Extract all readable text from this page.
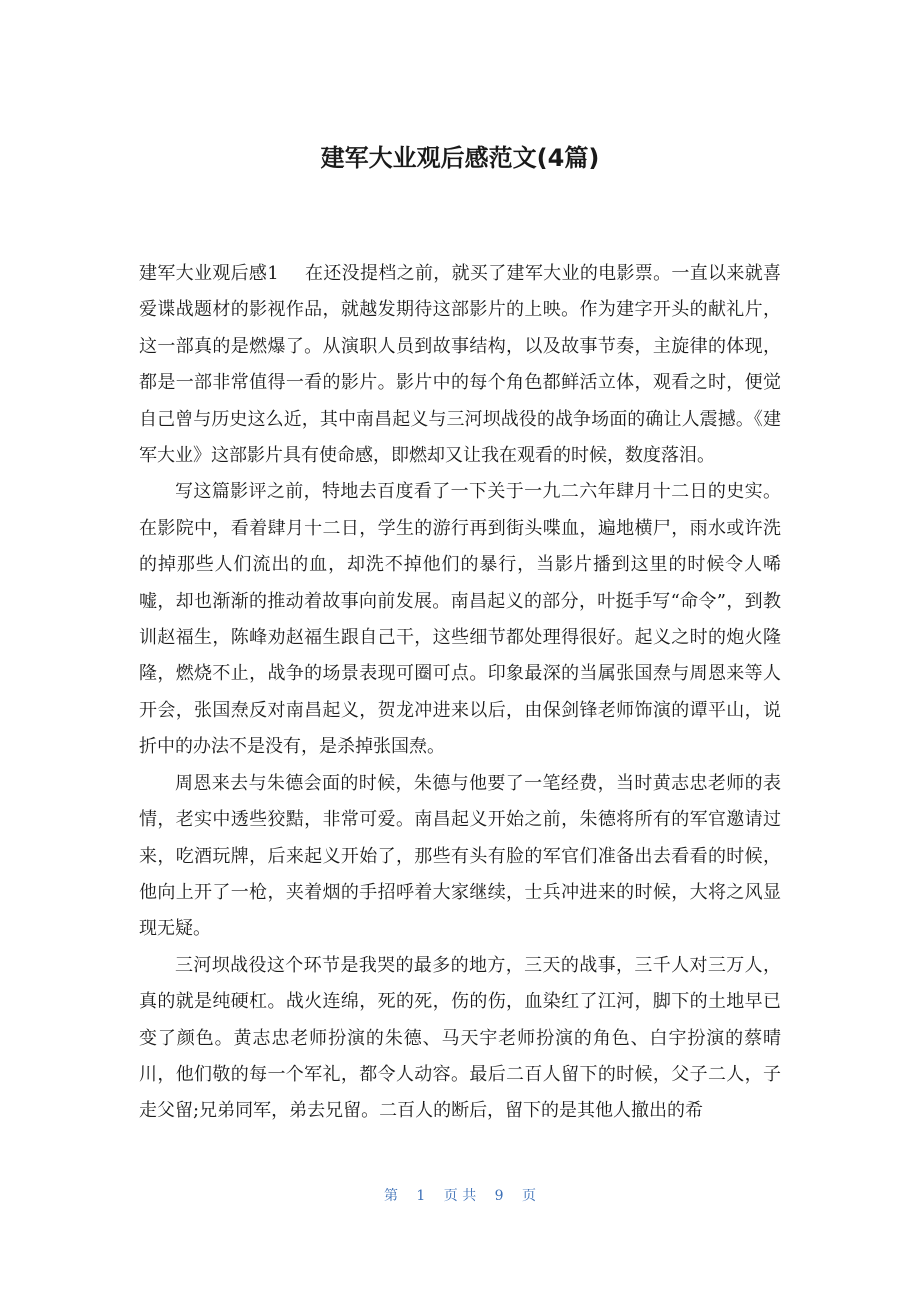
建军大业观后感范文(4篇)

建军大业观后感1 在还没提档之前，就买了建军大业的电影票。一直以来就喜爱谍战题材的影视作品，就越发期待这部影片的上映。作为建字开头的献礼片，这一部真的是燃爆了。从演职人员到故事结构，以及故事节奏，主旋律的体现，都是一部非常值得一看的影片。影片中的每个角色都鲜活立体，观看之时，便觉自己曾与历史这么近，其中南昌起义与三河坝战役的战争场面的确让人震撼。《建军大业》这部影片具有使命感，即燃却又让我在观看的时候，数度落泪。

写这篇影评之前，特地去百度看了一下关于一九二六年肆月十二日的史实。在影院中，看着肆月十二日，学生的游行再到街头喋血，遍地横尸，雨水或许洗的掉那些人们流出的血，却洗不掉他们的暴行，当影片播到这里的时候令人唏嘘，却也渐渐的推动着故事向前发展。南昌起义的部分，叶挺手写“命令”，到教训赵福生，陈峰劝赵福生跟自己干，这些细节都处理得很好。起义之时的炮火隆隆，燃烧不止，战争的场景表现可圈可点。印象最深的当属张国焘与周恩来等人开会，张国焘反对南昌起义，贺龙冲进来以后，由保剑锋老师饰演的谭平山，说折中的办法不是没有，是杀掉张国焘。

周恩来去与朱德会面的时候，朱德与他要了一笔经费，当时黄志忠老师的表情，老实中透些狡黠，非常可爱。南昌起义开始之前，朱德将所有的军官邀请过来，吃酒玩牌，后来起义开始了，那些有头有脸的军官们准备出去看看的时候，他向上开了一枪，夹着烟的手招呼着大家继续，士兵冲进来的时候，大将之风显现无疑。

三河坝战役这个环节是我哭的最多的地方，三天的战事，三千人对三万人，真的就是纯硬杠。战火连绵，死的死，伤的伤，血染红了江河，脚下的土地早已变了颜色。黄志忠老师扮演的朱德、马天宇老师扮演的角色、白宇扮演的蔡晴川，他们敬的每一个军礼，都令人动容。最后二百人留下的时候，父子二人，子走父留;兄弟同军，弟去兄留。二百人的断后，留下的是其他人撤出的希

第 1 页 共 9 页
